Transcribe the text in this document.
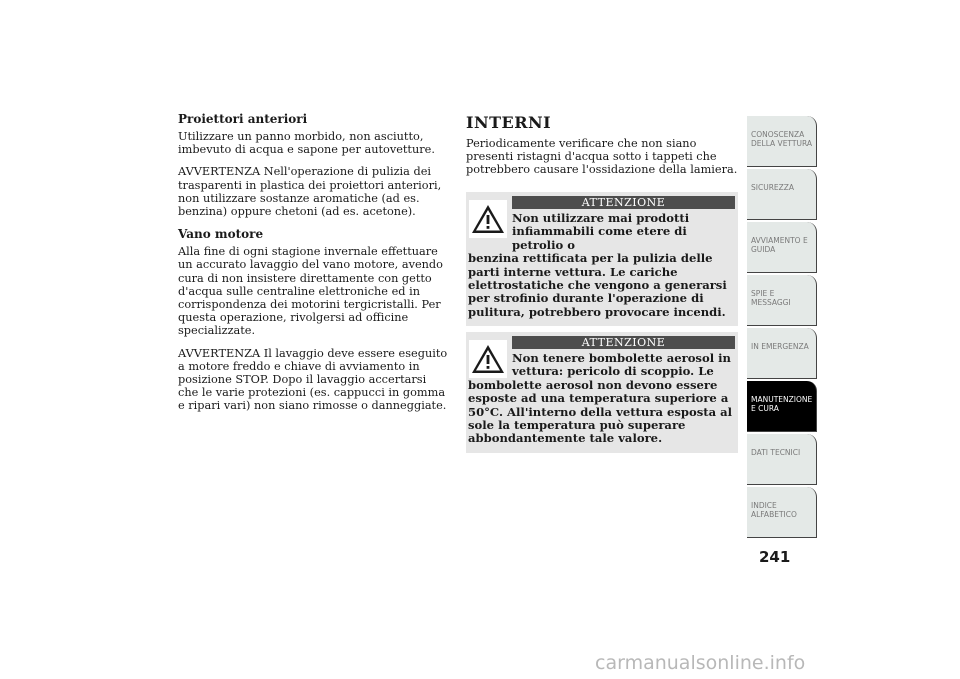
Proiettori anteriori

Utilizzare un panno morbido, non asciutto, imbevuto di acqua e sapone per autovetture.

AVVERTENZA Nell'operazione di pulizia dei trasparenti in plastica dei proiettori anteriori, non utilizzare sostanze aromatiche (ad es. benzina) oppure chetoni (ad es. acetone).

Vano motore

Alla fine di ogni stagione invernale effettuare un accurato lavaggio del vano motore, avendo cura di non insistere direttamente con getto d'acqua sulle centraline elettroniche ed in corrispondenza dei motorini tergicristalli. Per questa operazione, rivolgersi ad officine specializzate.

AVVERTENZA Il lavaggio deve essere eseguito a motore freddo e chiave di avviamento in posizione STOP. Dopo il lavaggio accertarsi che le varie protezioni (es. cappucci in gomma e ripari vari) non siano rimosse o danneggiate.

INTERNI

Periodicamente verificare che non siano presenti ristagni d'acqua sotto i tappeti che potrebbero causare l'ossidazione della lamiera.

ATTENZIONE
Non utilizzare mai prodotti infiammabili come etere di petrolio o
benzina rettificata per la pulizia delle parti interne vettura. Le cariche elettrostatiche che vengono a generarsi per strofinio durante l'operazione di pulitura, potrebbero provocare incendi.
ATTENZIONE
Non tenere bombolette aerosol in vettura: pericolo di scoppio. Le
bombolette aerosol non devono essere esposte ad una temperatura superiore a 50°C. All'interno della vettura esposta al sole la temperatura può superare abbondantemente tale valore.
CONOSCENZA DELLA VETTURA
SICUREZZA
AVVIAMENTO E GUIDA
SPIE E MESSAGGI
IN EMERGENZA
MANUTENZIONE E CURA
DATI TECNICI
INDICE ALFABETICO
241
carmanualsonline.info
